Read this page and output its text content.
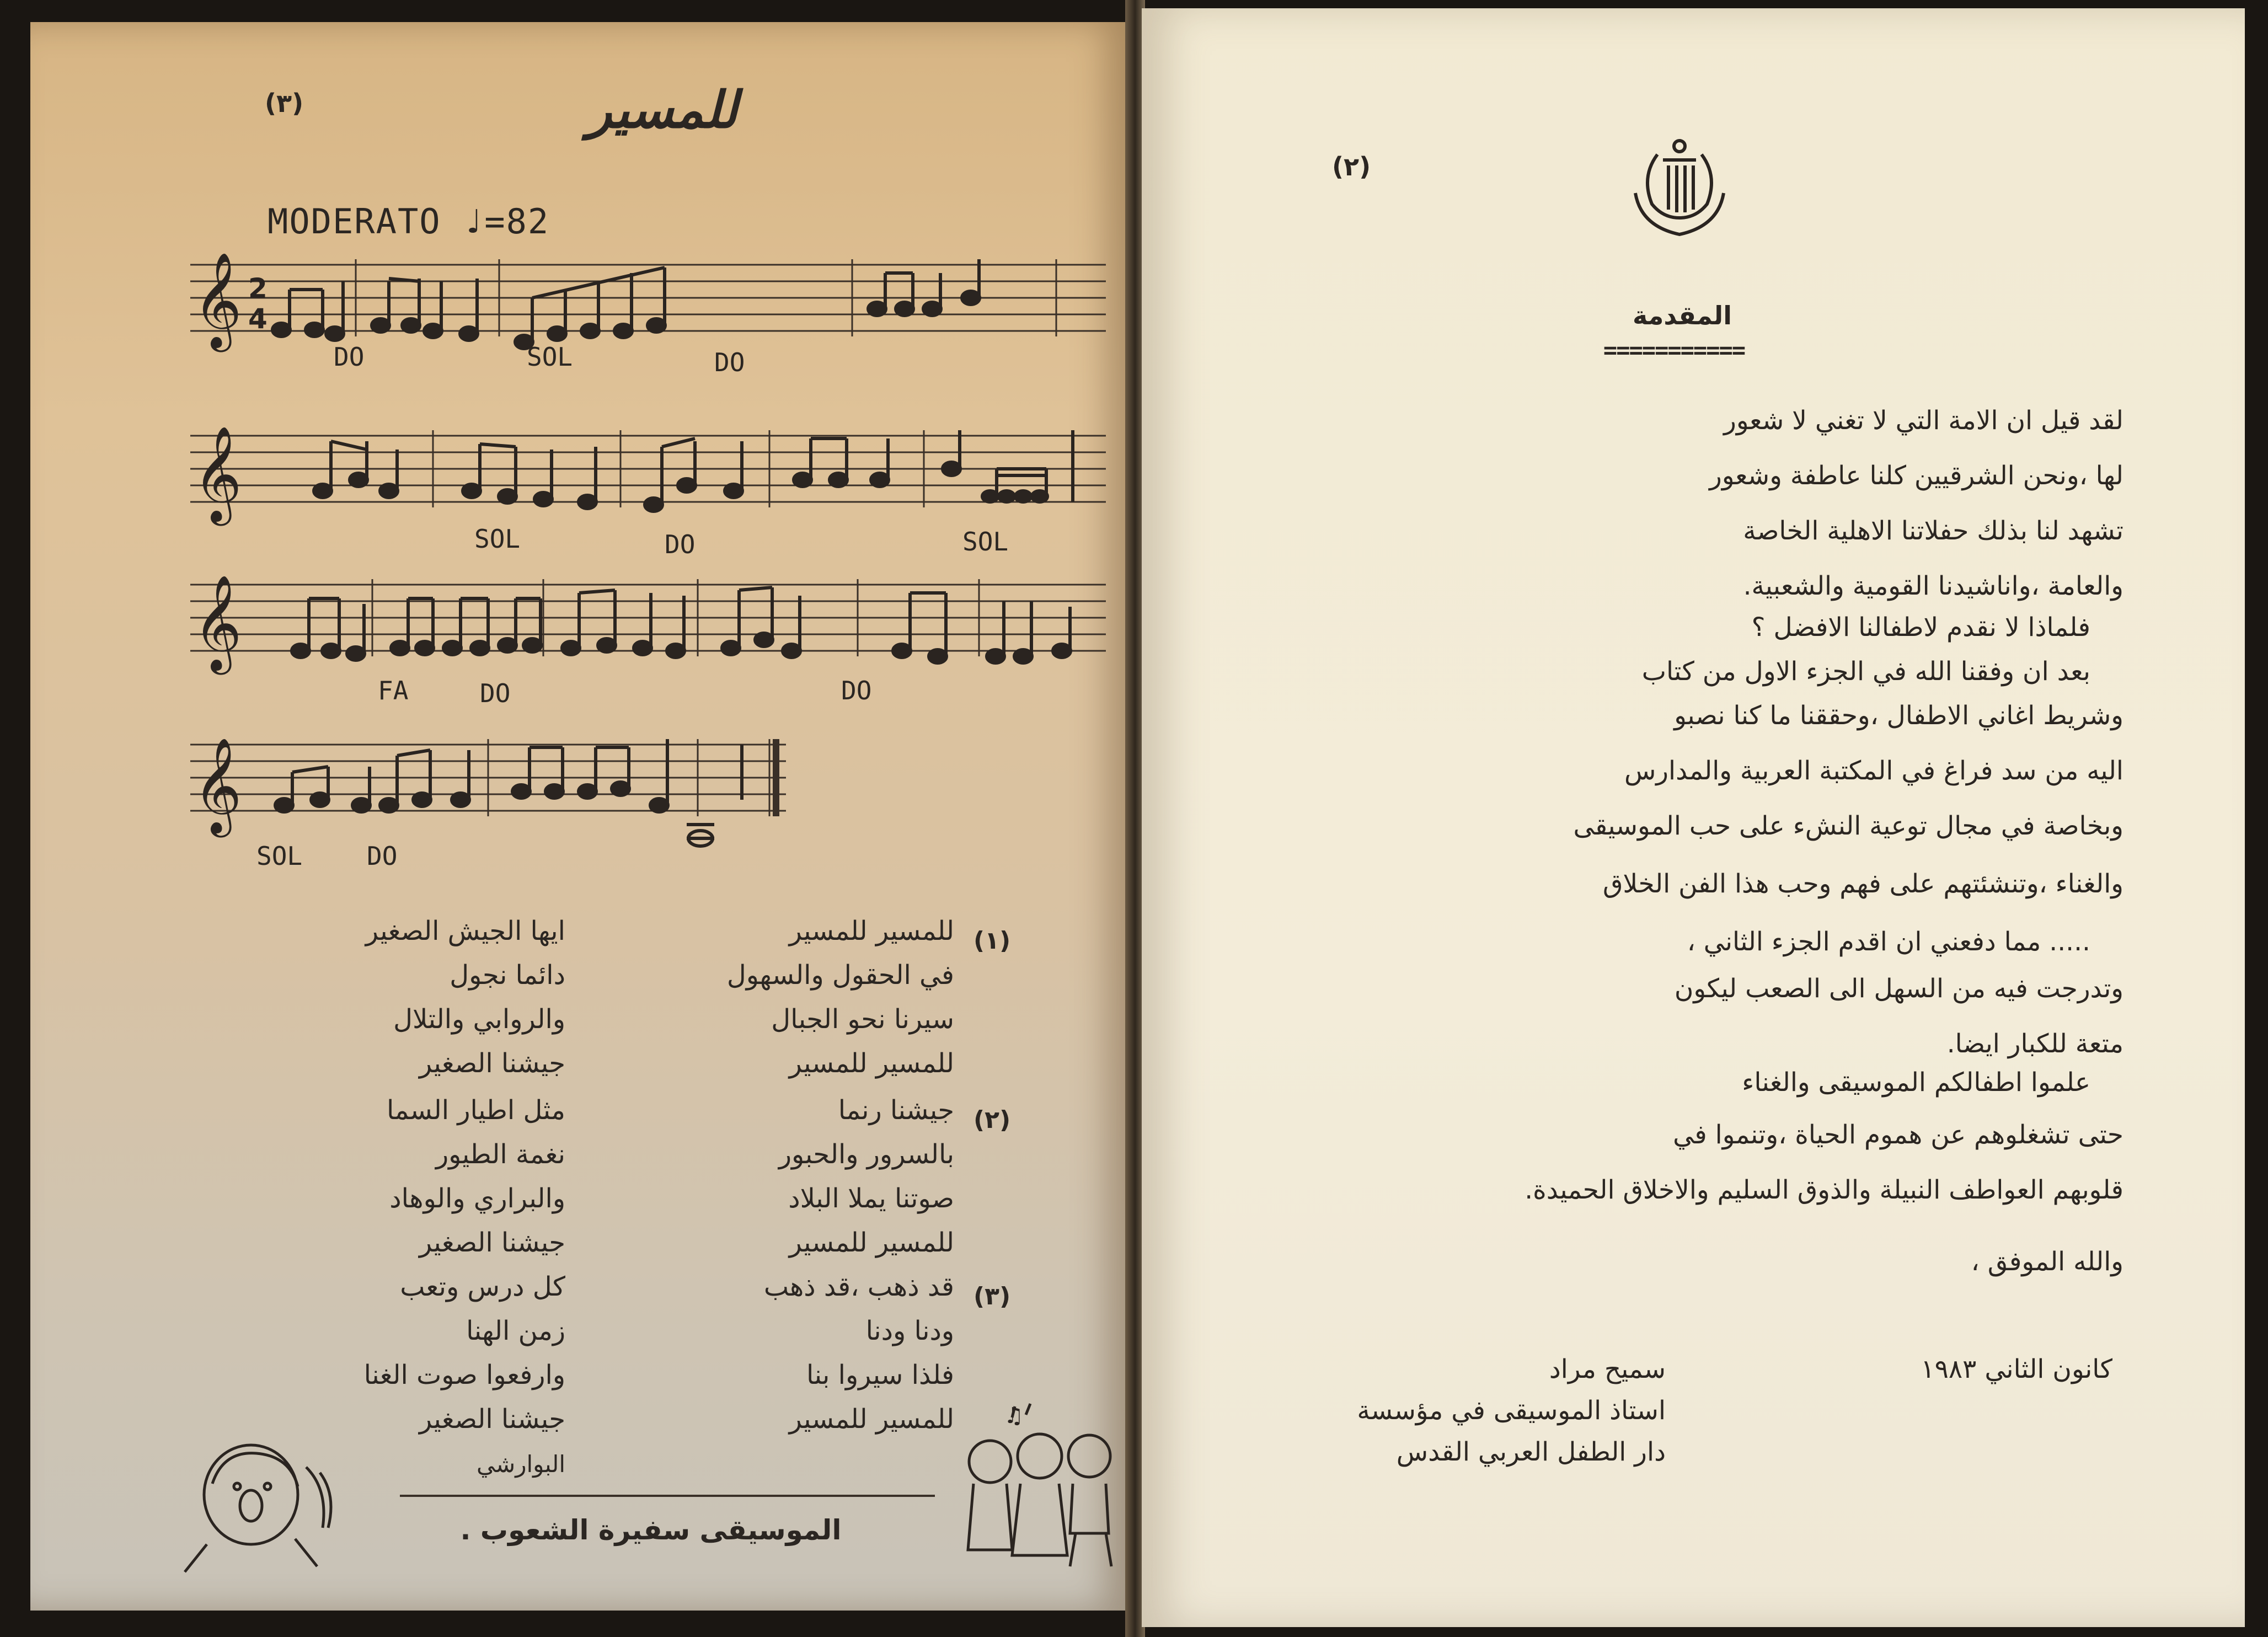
(٣)	للمسير
MODERATO ♩=82
𝄞 2
4
DO	SOL	DO
𝄞
SOL	DO	SOL
𝄞
FA	DO	DO
𝄞
SOL	DO
(١)
للمسير للمسير
ايها الجيش الصغير
في الحقول والسهول
دائما نجول
سيرنا نحو الجبال
والروابي والتلال
للمسير للمسير
جيشنا الصغير
(٢)
جيشنا رنما
مثل اطيار السما
بالسرور والحبور
نغمة الطيور
صوتنا يملا البلاد
والبراري والوهاد
للمسير للمسير
جيشنا الصغير
(٣)
قد ذهب ،قد ذهب
كل درس وتعب
ودنا ودنا
زمن الهنا
فلذا سيروا بنا
وارفعوا صوت الغنا
للمسير للمسير
جيشنا الصغير
البوارشي
الموسيقى سفيرة الشعوب .
♫
(٢)
المقدمة
===========
لقد قيل ان الامة التي لا تغني لا شعور
لها ،ونحن الشرقيين كلنا عاطفة وشعور
تشهد لنا بذلك حفلاتنا الاهلية الخاصة
والعامة ،واناشيدنا القومية والشعبية.
فلماذا لا نقدم لاطفالنا الافضل ؟
بعد ان وفقنا الله في الجزء الاول من كتاب
وشريط اغاني الاطفال ،وحققنا ما كنا نصبو
اليه من سد فراغ في المكتبة العربية والمدارس
وبخاصة في مجال توعية النشء على حب الموسيقى
والغناء ،وتنشئتهم على فهم وحب هذا الفن الخلاق
..... مما دفعني ان اقدم الجزء الثاني ،
وتدرجت فيه من السهل الى الصعب ليكون
متعة للكبار ايضا.
علموا اطفالكم الموسيقى والغناء
حتى تشغلوهم عن هموم الحياة ،وتنموا في
قلوبهم العواطف النبيلة والذوق السليم والاخلاق الحميدة.
والله الموفق ،
كانون الثاني ١٩٨٣
سميح مراد
استاذ الموسيقى في مؤسسة
دار الطفل العربي القدس
